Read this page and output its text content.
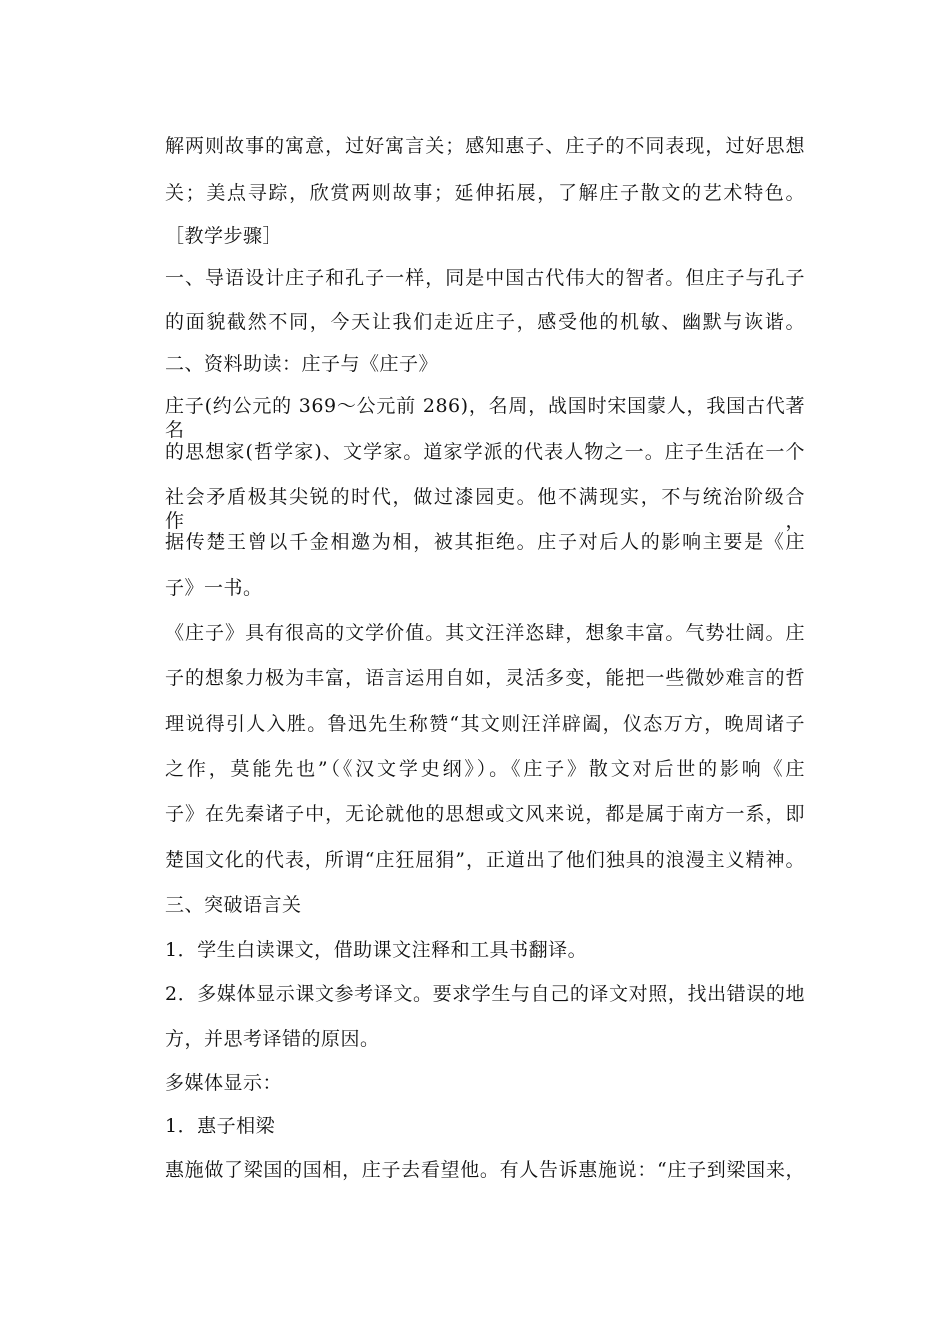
解两则故事的寓意，过好寓言关；感知惠子、庄子的不同表现，过好思想
关；美点寻踪，欣赏两则故事；延伸拓展，了解庄子散文的艺术特色。
［教学步骤］
一、导语设计庄子和孔子一样，同是中国古代伟大的智者。但庄子与孔子
的面貌截然不同，今天让我们走近庄子，感受他的机敏、幽默与诙谐。
二、资料助读：庄子与《庄子》
庄子(约公元的 369～公元前 286)，名周，战国时宋国蒙人，我国古代著名
的思想家(哲学家)、文学家。道家学派的代表人物之一。庄子生活在一个
社会矛盾极其尖锐的时代，做过漆园吏。他不满现实，不与统治阶级合作，
据传楚王曾以千金相邀为相，被其拒绝。庄子对后人的影响主要是《庄
子》一书。
《庄子》具有很高的文学价值。其文汪洋恣肆，想象丰富。气势壮阔。庄
子的想象力极为丰富，语言运用自如，灵活多变，能把一些微妙难言的哲
理说得引人入胜。鲁迅先生称赞“其文则汪洋辟阖，仪态万方，晚周诸子
之作，莫能先也”（《汉文学史纲》）。《庄子》散文对后世的影响《庄
子》在先秦诸子中，无论就他的思想或文风来说，都是属于南方一系，即
楚国文化的代表，所谓“庄狂屈狷”，正道出了他们独具的浪漫主义精神。
三、突破语言关
1．学生白读课文，借助课文注释和工具书翻译。
2．多媒体显示课文参考译文。要求学生与自己的译文对照，找出错误的地
方，并思考译错的原因。
多媒体显示：
1．惠子相梁
惠施做了梁国的国相，庄子去看望他。有人告诉惠施说：“庄子到梁国来，
